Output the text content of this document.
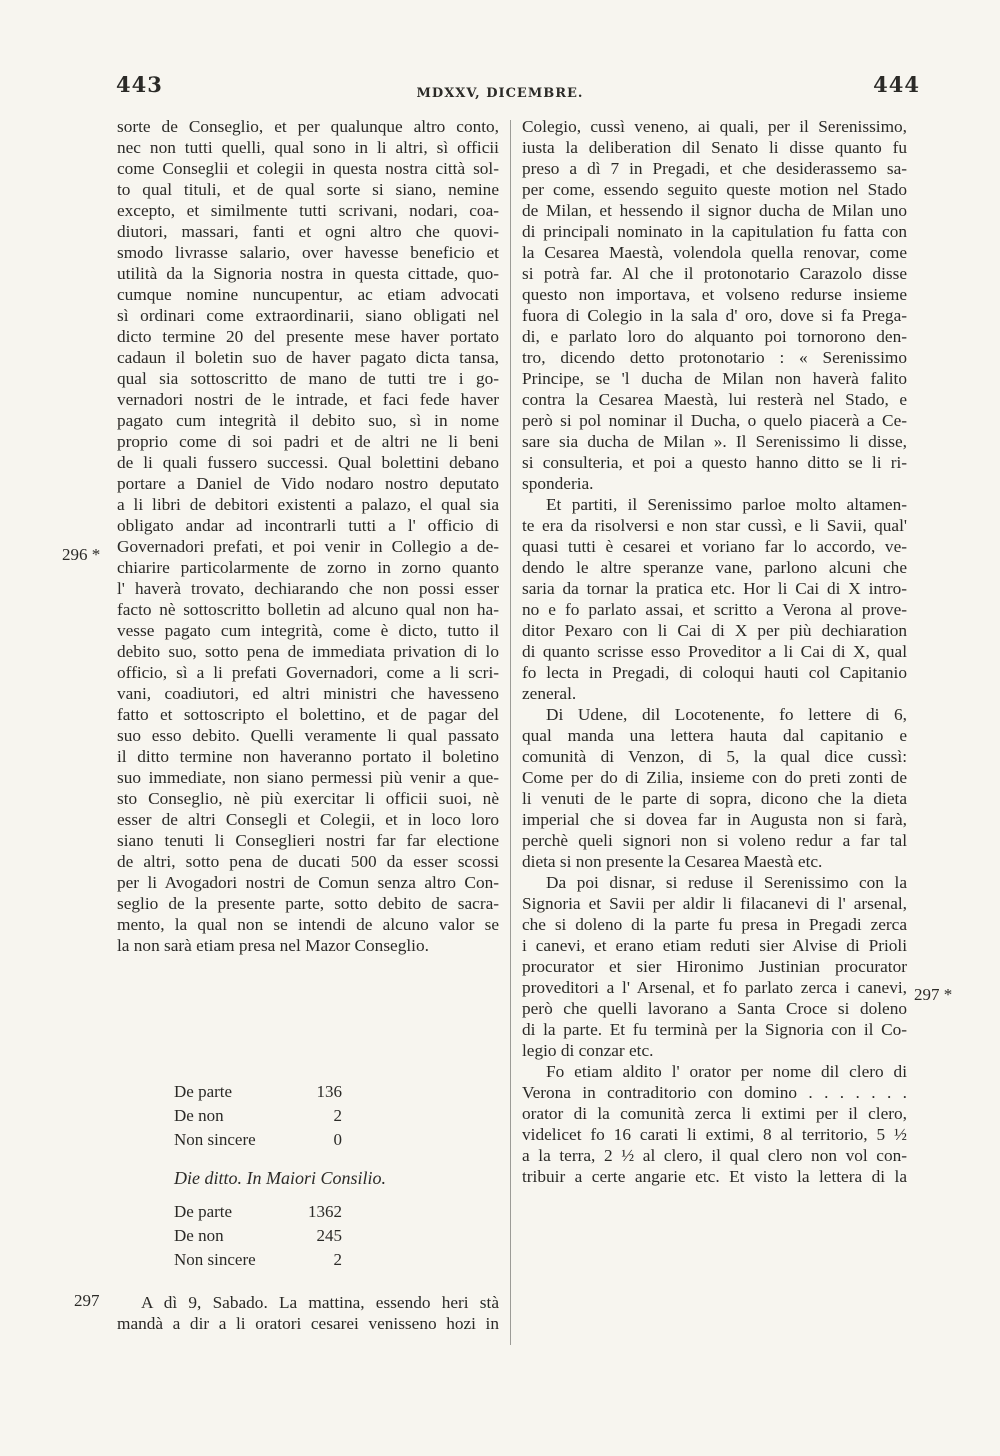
443	MDXXV, DICEMBRE.	444
sorte de Conseglio, et per qualunque altro conto,
nec non tutti quelli, qual sono in li altri, sì officii
come Conseglii et colegii in questa nostra città sol-
to qual tituli, et de qual sorte si siano, nemine
excepto, et similmente tutti scrivani, nodari, coa-
diutori, massari, fanti et ogni altro che quovi-
smodo livrasse salario, over havesse beneficio et
utilità da la Signoria nostra in questa cittade, quo-
cumque nomine nuncupentur, ac etiam advocati
sì ordinari come extraordinarii, siano obligati nel
dicto termine 20 del presente mese haver portato
cadaun il boletin suo de haver pagato dicta tansa,
qual sia sottoscritto de mano de tutti tre i go-
vernadori nostri de le intrade, et faci fede haver
pagato cum integrità il debito suo, sì in nome
proprio come di soi padri et de altri ne li beni
de li quali fussero successi. Qual bolettini debano
portare a Daniel de Vido nodaro nostro deputato
a li libri de debitori existenti a palazo, el qual sia
obligato andar ad incontrarli tutti a l' officio di
Governadori prefati, et poi venir in Collegio a de-
chiarire particolarmente de zorno in zorno quanto
l' haverà trovato, dechiarando che non possi esser
facto nè sottoscritto bolletin ad alcuno qual non ha-
vesse pagato cum integrità, come è dicto, tutto il
debito suo, sotto pena de immediata privation di lo
officio, sì a li prefati Governadori, come a li scri-
vani, coadiutori, ed altri ministri che havesseno
fatto et sottoscripto el bolettino, et de pagar del
suo esso debito. Quelli veramente li qual passato
il ditto termine non haveranno portato il boletino
suo immediate, non siano permessi più venir a que-
sto Conseglio, nè più exercitar li officii suoi, nè
esser de altri Consegli et Colegii, et in loco loro
siano tenuti li Conseglieri nostri far far electione
de altri, sotto pena de ducati 500 da esser scossi
per li Avogadori nostri de Comun senza altro Con-
seglio de la presente parte, sotto debito de sacra-
mento, la qual non se intendi de alcuno valor se
la non sarà etiam presa nel Mazor Conseglio.
296 *
De parte	136
De non	2
Non sincere	0
Die ditto. In Maiori Consilio.
De parte	1362
De non	245
Non sincere	2
297	A dì 9, Sabado. La mattina, essendo heri stà
mandà a dir a li oratori cesarei venisseno hozi in
Colegio, cussì veneno, ai quali, per il Serenissimo,
iusta la deliberation dil Senato li disse quanto fu
preso a dì 7 in Pregadi, et che desiderassemo sa-
per come, essendo seguito queste motion nel Stado
de Milan, et hessendo il signor ducha de Milan uno
di principali nominato in la capitulation fu fatta con
la Cesarea Maestà, volendola quella renovar, come
si potrà far. Al che il protonotario Carazolo disse
questo non importava, et volseno redurse insieme
fuora di Colegio in la sala d' oro, dove si fa Prega-
di, e parlato loro do alquanto poi tornorono den-
tro, dicendo detto protonotario : « Serenissimo
Principe, se 'l ducha de Milan non haverà falito
contra la Cesarea Maestà, lui resterà nel Stado, e
però si pol nominar il Ducha, o quelo piacerà a Ce-
sare sia ducha de Milan ». Il Serenissimo li disse,
si consulteria, et poi a questo hanno ditto se li ri-
sponderia.
Et partiti, il Serenissimo parloe molto altamen-
te era da risolversi e non star cussì, e li Savii, qual'
quasi tutti è cesarei et voriano far lo accordo, ve-
dendo le altre speranze vane, parlono alcuni che
saria da tornar la pratica etc. Hor li Cai di X intro-
no e fo parlato assai, et scritto a Verona al prove-
ditor Pexaro con li Cai di X per più dechiaration
di quanto scrisse esso Proveditor a li Cai di X, qual
fo lecta in Pregadi, di coloqui hauti col Capitanio
zeneral.
Di Udene, dil Locotenente, fo lettere di 6,
qual manda una lettera hauta dal capitanio e
comunità di Venzon, di 5, la qual dice cussì:
Come per do di Zilia, insieme con do preti zonti de
li venuti de le parte di sopra, dicono che la dieta
imperial che si dovea far in Augusta non si farà,
perchè queli signori non si voleno redur a far tal
dieta si non presente la Cesarea Maestà etc.
Da poi disnar, si reduse il Serenissimo con la
Signoria et Savii per aldir li filacanevi di l' arsenal,
che si doleno di la parte fu presa in Pregadi zerca
i canevi, et erano etiam reduti sier Alvise di Prioli
procurator et sier Hironimo Justinian procurator
proveditori a l' Arsenal, et fo parlato zerca i canevi,
però che quelli lavorano a Santa Croce si doleno
di la parte. Et fu terminà per la Signoria con il Co-
legio di conzar etc.
Fo etiam aldito l' orator per nome dil clero di
Verona in contraditorio con domino . . . . . . .
orator di la comunità zerca li extimi per il clero,
videlicet fo 16 carati li extimi, 8 al territorio, 5 ½
a la terra, 2 ½ al clero, il qual clero non vol con-
tribuir a certe angarie etc. Et visto la lettera di la
297 *
